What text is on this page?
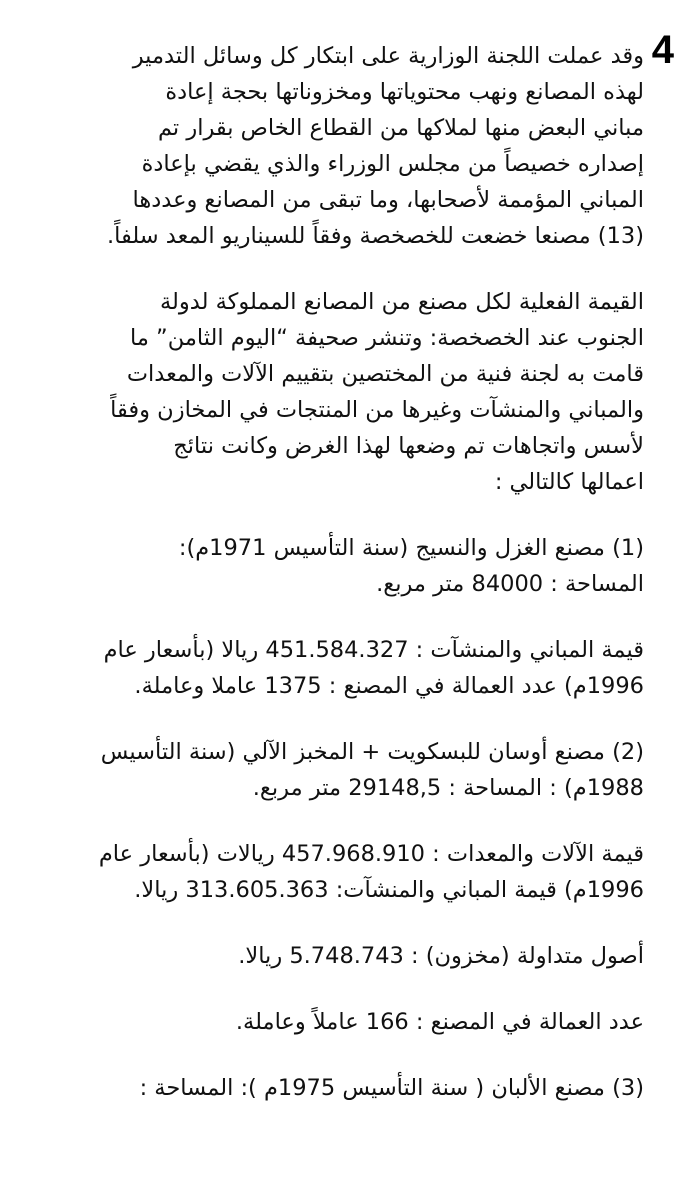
4

وقد عملت اللجنة الوزارية على ابتكار كل وسائل التدمير
لهذه المصانع ونهب محتوياتها ومخزوناتها بحجة إعادة
مباني البعض منها لملاكها من القطاع الخاص بقرار تم
إصداره خصيصاً من مجلس الوزراء والذي يقضي بإعادة
المباني المؤممة لأصحابها، وما تبقى من المصانع وعددها
(13) مصنعا خضعت للخصخصة وفقاً للسيناريو المعد سلفاً.

القيمة الفعلية لكل مصنع من المصانع المملوكة لدولة
الجنوب عند الخصخصة: وتنشر صحيفة “اليوم الثامن” ما
قامت به لجنة فنية من المختصين بتقييم الآلات والمعدات
والمباني والمنشآت وغيرها من المنتجات في المخازن وفقاً
لأسس واتجاهات تم وضعها لهذا الغرض وكانت نتائج
اعمالها كالتالي :

(1) مصنع الغزل والنسيج (سنة التأسيس 1971م):
المساحة : 84000 متر مربع.

قيمة المباني والمنشآت : 451.584.327 ريالا (بأسعار عام
1996م) عدد العمالة في المصنع : 1375 عاملا وعاملة.

(2) مصنع أوسان للبسكويت + المخبز الآلي (سنة التأسيس
1988م) : المساحة : 29148,5 متر مربع.

قيمة الآلات والمعدات : 457.968.910 ريالات (بأسعار عام
1996م) قيمة المباني والمنشآت: 313.605.363 ريالا.

أصول متداولة (مخزون) : 5.748.743 ريالا.

عدد العمالة في المصنع : 166 عاملاً وعاملة.

(3) مصنع الألبان ( سنة التأسيس 1975م ): المساحة :
